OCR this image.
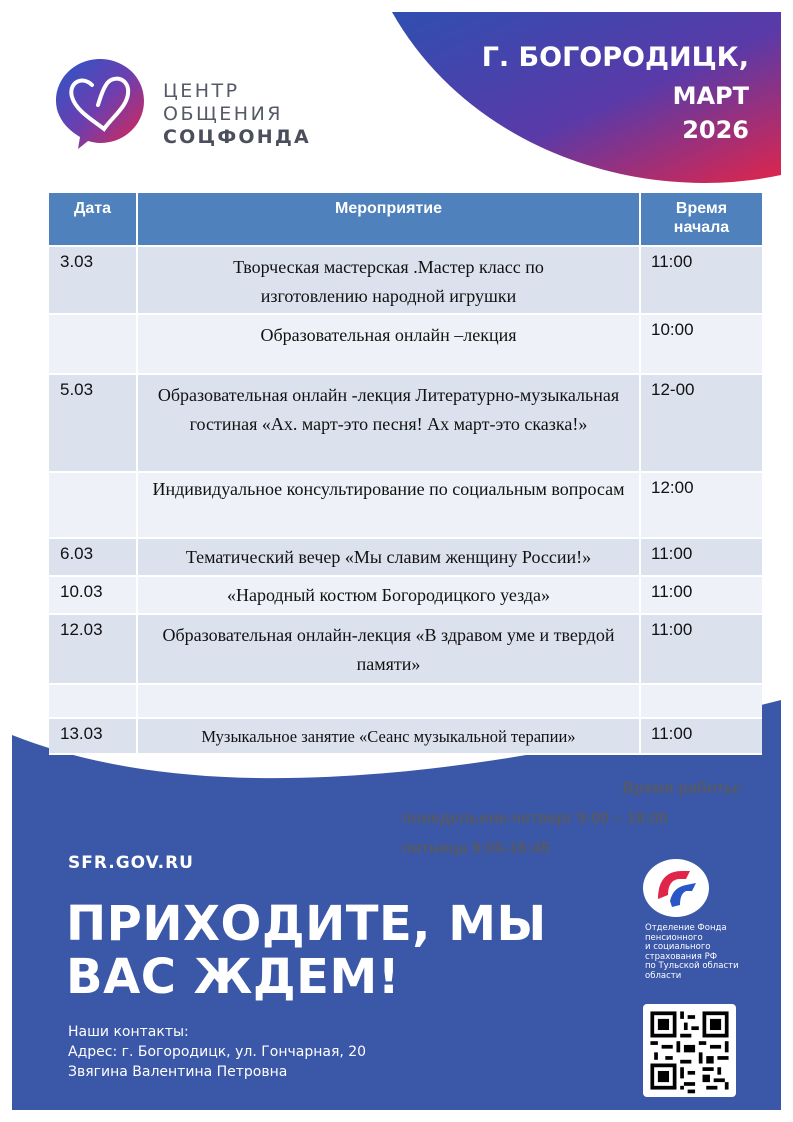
ЦЕНТР
ОБЩЕНИЯ
СОЦФОНДА
Г. БОГОРОДИЦК,
МАРТ
2026
Дата	Мероприятие	Время начала

3.03	Творческая мастерская .Мастер класс по изготовлению народной игрушки	11:00

	Образовательная онлайн –лекция	10:00

5.03	Образовательная онлайн -лекция Литературно-музыкальная гостиная «Ах. март-это песня! Ах март-это сказка!»	12-00

	Индивидуальное консультирование по социальным вопросам	12:00

6.03	Тематический вечер «Мы славим женщину России!»	11:00

10.03	«Народный костюм Богородицкого уезда»	11:00

12.03	Образовательная онлайн-лекция «В здравом уме и твердой памяти»	11:00

13.03	Музыкальное занятие «Сеанс музыкальной терапии»	11:00
Время работы:
понедельник-четверг 9:00 – 18:00
пятница 9:00-16:45
SFR.GOV.RU
ПРИХОДИТЕ, МЫ
ВАС ЖДЕМ!
Наши контакты:
Адрес: г. Богородицк, ул. Гончарная, 20
Звягина Валентина Петровна
Отделение Фонда
пенсионного
и социального
страхования РФ
по Тульской области
области
